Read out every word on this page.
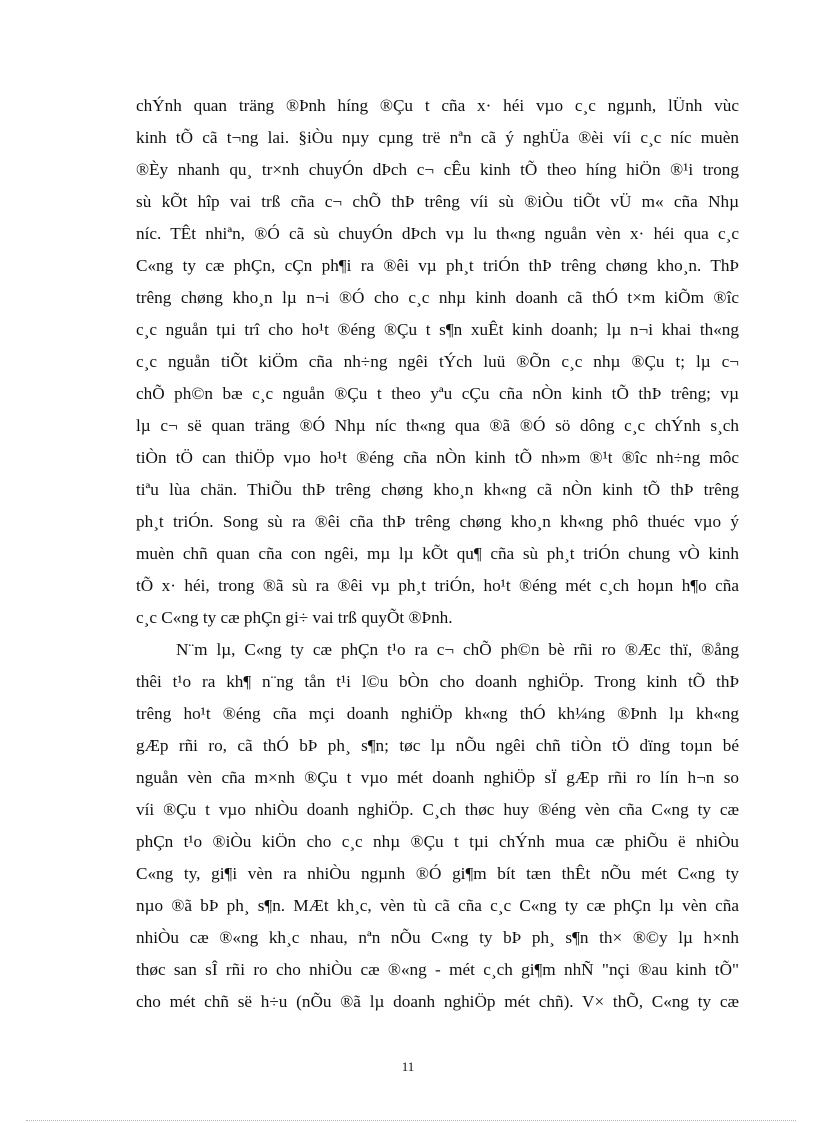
chÝnh quan träng ®Þnh híng ®Çu t cña x· héi vµo c¸c ngµnh, lÜnh vùc
kinh tÕ cã t¬ng lai. §iÒu nµy cµng trë nªn cã ý nghÜa ®èi víi c¸c níc muèn
®Èy nhanh qu¸ tr×nh chuyÓn dÞch c¬ cÊu kinh tÕ theo híng hiÖn ®¹i trong
sù kÕt hîp vai trß cña c¬ chÕ thÞ trêng víi sù ®iÒu tiÕt vÜ m« cña Nhµ
níc. TÊt nhiªn, ®Ó cã sù chuyÓn dÞch vµ lu th«ng nguån vèn x· héi qua c¸c
C«ng ty cæ phÇn, cÇn ph¶i ra ®êi vµ ph¸t triÓn thÞ trêng chøng kho¸n. ThÞ
trêng chøng kho¸n lµ n¬i ®Ó cho c¸c nhµ kinh doanh cã thÓ t×m kiÕm ®îc
c¸c nguån tµi trî cho ho¹t ®éng ®Çu t s¶n xuÊt kinh doanh; lµ n¬i khai th«ng
c¸c nguån tiÕt kiÖm cña nh÷ng ngêi tÝch luü ®Õn c¸c nhµ ®Çu t; lµ c¬
chÕ ph©n bæ c¸c nguån ®Çu t theo yªu cÇu cña nÒn kinh tÕ thÞ trêng; vµ
lµ c¬ së quan träng ®Ó Nhµ níc th«ng qua ®ã ®Ó sö dông c¸c chÝnh s¸ch
tiÒn tÖ can thiÖp vµo ho¹t ®éng cña nÒn kinh tÕ nh»m ®¹t ®îc nh÷ng môc
tiªu lùa chän. ThiÕu thÞ trêng chøng kho¸n kh«ng cã nÒn kinh tÕ thÞ trêng
ph¸t triÓn. Song sù ra ®êi cña thÞ trêng chøng kho¸n kh«ng phô thuéc vµo ý
muèn chñ quan cña con ngêi, mµ lµ kÕt qu¶ cña sù ph¸t triÓn chung vÒ kinh
tÕ x· héi, trong ®ã sù ra ®êi vµ ph¸t triÓn, ho¹t ®éng mét c¸ch hoµn h¶o cña
c¸c C«ng ty cæ phÇn gi÷ vai trß quyÕt ®Þnh.
N¨m lµ, C«ng ty cæ phÇn t¹o ra c¬ chÕ ph©n bè rñi ro ®Æc thï, ®ång
thêi t¹o ra kh¶ n¨ng tån t¹i l©u bÒn cho doanh nghiÖp. Trong kinh tÕ thÞ
trêng ho¹t ®éng cña mçi doanh nghiÖp kh«ng thÓ kh¼ng ®Þnh lµ kh«ng
gÆp rñi ro, cã thÓ bÞ ph¸ s¶n; tøc lµ nÕu ngêi chñ tiÒn tÖ dïng toµn bé
nguån vèn cña m×nh ®Çu t vµo mét doanh nghiÖp sÏ gÆp rñi ro lín h¬n so
víi ®Çu t vµo nhiÒu doanh nghiÖp. C¸ch thøc huy ®éng vèn cña C«ng ty cæ
phÇn t¹o ®iÒu kiÖn cho c¸c nhµ ®Çu t tµi chÝnh mua cæ phiÕu ë nhiÒu
C«ng ty, gi¶i vèn ra nhiÒu ngµnh ®Ó gi¶m bít tæn thÊt nÕu mét C«ng ty
nµo ®ã bÞ ph¸ s¶n. MÆt kh¸c, vèn tù cã cña c¸c C«ng ty cæ phÇn lµ vèn cña
nhiÒu cæ ®«ng kh¸c nhau, nªn nÕu C«ng ty bÞ ph¸ s¶n th× ®©y lµ h×nh
thøc san sÎ rñi ro cho nhiÒu cæ ®«ng - mét c¸ch gi¶m nhÑ "nçi ®au kinh tÕ"
cho mét chñ së h÷u (nÕu ®ã lµ doanh nghiÖp mét chñ). V× thÕ, C«ng ty cæ
11
